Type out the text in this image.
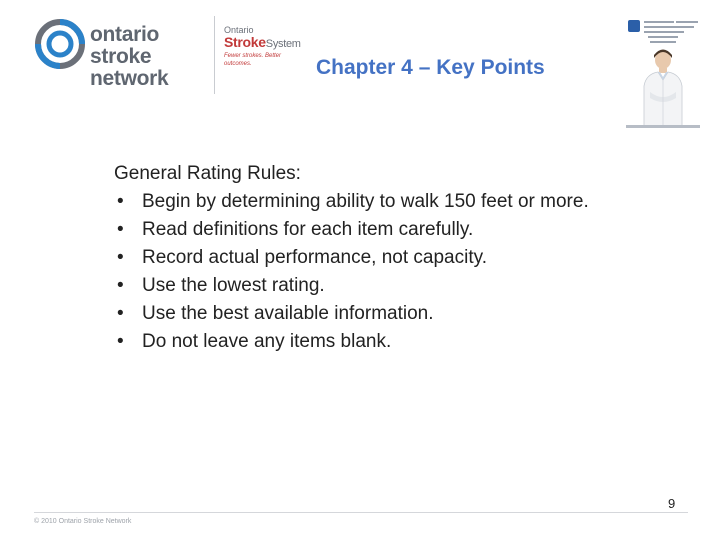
ontario stroke
network
Ontario
StrokeSystem
Fewer strokes. Better outcomes.	Chapter 4 – Key Points
General Rating Rules:
• Begin by determining ability to walk 150 feet or more.
• Read definitions for each item carefully.
• Record actual performance, not capacity.
• Use the lowest rating.
• Use the best available information.
• Do not leave any items blank.
9
© 2010 Ontario Stroke Network
